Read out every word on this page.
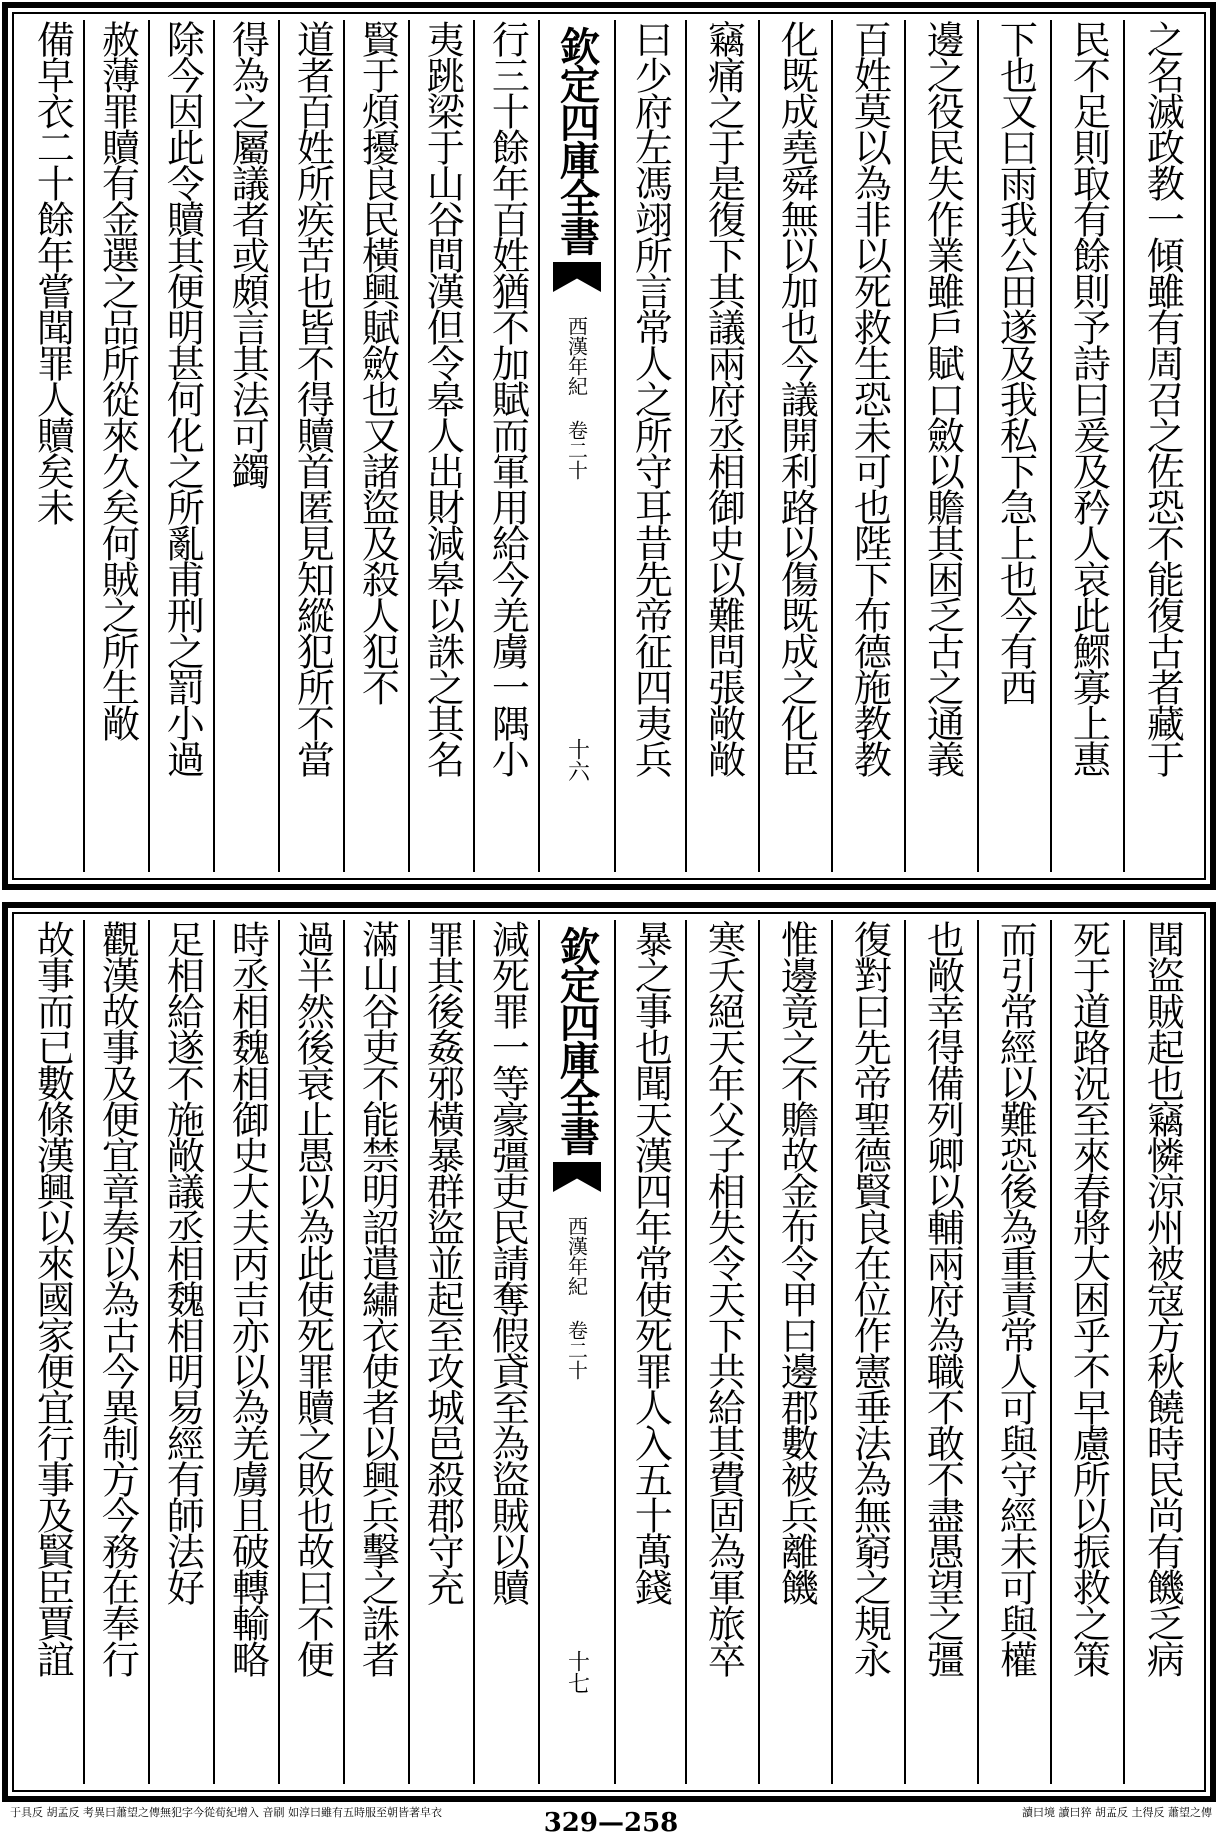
備皁衣二十餘年嘗聞罪人贖矣未 赦薄罪贖有金選之品所從來久矣何賊之所生敞 除今因此令贖其便明甚何化之所亂甫刑之罰小過 得為之屬議者或頗言其法可蠲 道者百姓所疾苦也皆不得贖首匿見知縱犯所不當 賢于煩擾良民橫興賦斂也又諸盜及殺人犯不 夷跳梁于山谷間漢但令皋人出財減皋以誅之其名 行三十餘年百姓猶不加賦而軍用給今羌虜一隅小 欽定四庫全書
西漢年紀 卷二十
十六 曰少府左馮翊所言常人之所守耳昔先帝征四夷兵 竊痛之于是復下其議兩府丞相御史以難問張敞敞 化既成堯舜無以加也今議開利路以傷既成之化臣 百姓莫以為非以死救生恐未可也陛下布德施教教 邊之役民失作業雖戶賦口斂以贍其困乏古之通義 下也又曰雨我公田遂及我私下急上也今有西 民不足則取有餘則予詩曰爰及矜人哀此鰥寡上惠 之名滅政教一傾雖有周召之佐恐不能復古者藏于
故事而已數條漢興以來國家便宜行事及賢臣賈誼 觀漢故事及便宜章奏以為古今異制方今務在奉行 足相給遂不施敞議丞相魏相明易經有師法好 時丞相魏相御史大夫丙吉亦以為羌虜且破轉輸略 過半然後衰止愚以為此使死罪贖之敗也故曰不便 滿山谷吏不能禁明詔遣繡衣使者以興兵擊之誅者 罪其後姦邪橫暴群盜並起至攻城邑殺郡守充 減死罪一等豪彊吏民請奪假貣至為盜賊以贖 欽定四庫全書
西漢年紀 卷二十
十七
暴之事也聞天漢四年常使死罪人入五十萬錢 寒夭絕天年父子相失令天下共給其費固為軍旅卒 惟邊竟之不贍故金布令甲曰邊郡數被兵離饑 復對曰先帝聖德賢良在位作憲垂法為無窮之規永 也敞幸得備列卿以輔兩府為職不敢不盡愚望之彊 而引常經以難恐後為重責常人可與守經未可與權 死于道路況至來春將大困乎不早慮所以振救之策 聞盜賊起也竊憐涼州被寇方秋饒時民尚有饑乏病
于具反 胡孟反 考異曰蕭望之傳無犯字今從荀紀增入 音刷 如淳曰雖有五時服至朝皆著皁衣	讀曰境 讀曰猝 胡孟反 土得反 蕭望之傳
329—258
